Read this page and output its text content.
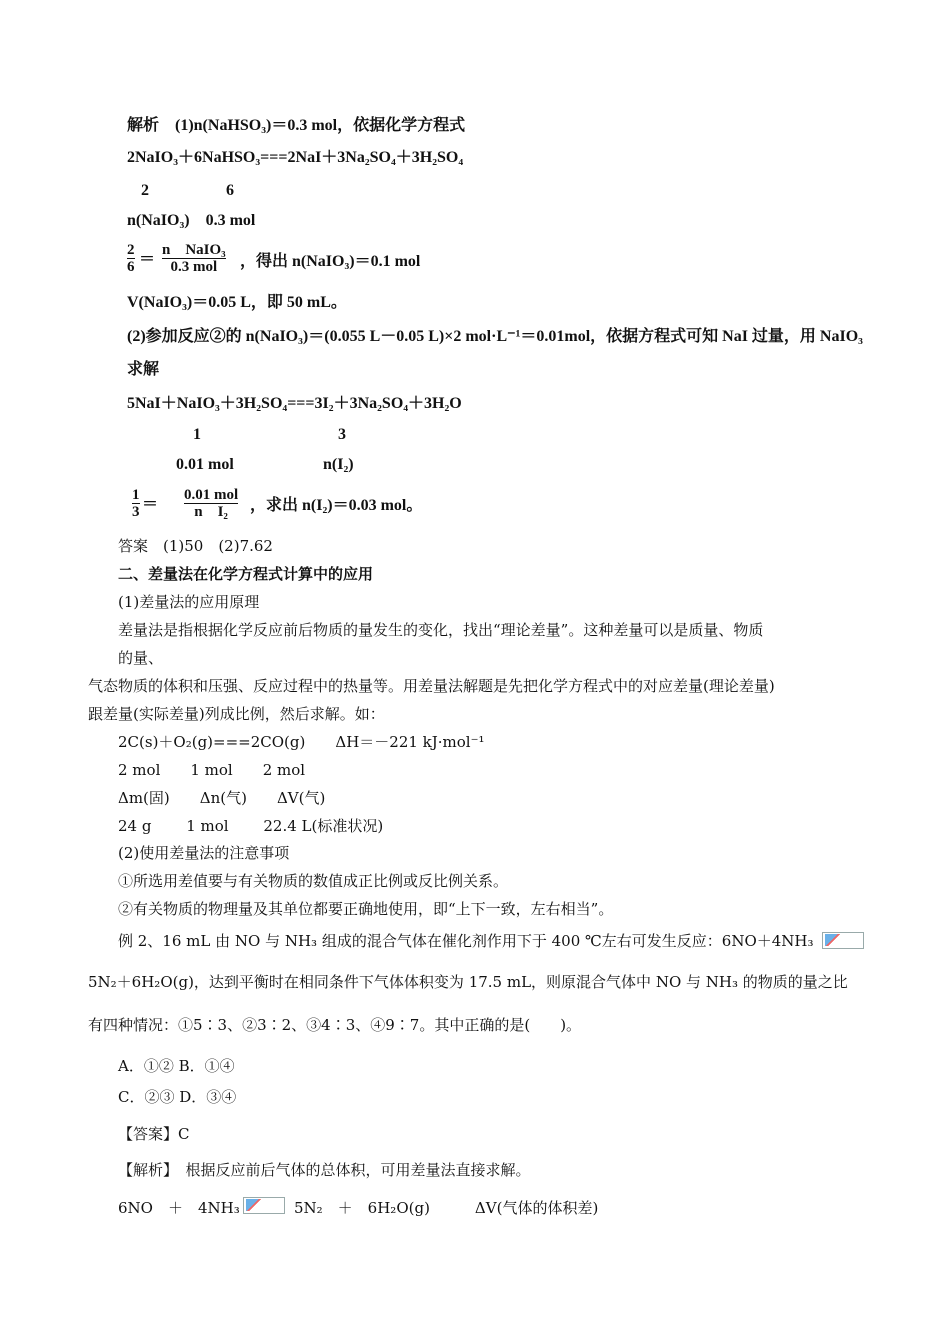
解析　(1)n(NaHSO₃)＝0.3 mol，依据化学方程式
2NaIO₃＋6NaHSO₃===2NaI＋3Na₂SO₄＋3H₂SO₄
2	6
n(NaIO₃)　0.3 mol
2
6 ＝
n　NaIO₃
0.3 mol ，得出 n(NaIO₃)＝0.1 mol
V(NaIO₃)＝0.05 L，即 50 mL。
(2)参加反应②的 n(NaIO₃)＝(0.055 L－0.05 L)×2 mol·L⁻¹＝0.01mol，依据方程式可知 NaI 过量，用 NaIO₃
求解
5NaI＋NaIO₃＋3H₂SO₄===3I₂＋3Na₂SO₄＋3H₂O
1	3
0.01 mol	n(I₂)
1
3 ＝
0.01 mol
n　I₂ ，求出 n(I₂)＝0.03 mol。
答案　(1)50　(2)7.62
二、差量法在化学方程式计算中的应用
(1)差量法的应用原理
差量法是指根据化学反应前后物质的量发生的变化，找出“理论差量”。这种差量可以是质量、物质
的量、
气态物质的体积和压强、反应过程中的热量等。用差量法解题是先把化学方程式中的对应差量(理论差量)
跟差量(实际差量)列成比例，然后求解。如：
2C(s)＋O₂(g)===2CO(g)　　ΔH＝－221 kJ·mol⁻¹
2 mol　　1 mol　　2 mol
Δm(固)　　Δn(气)　　ΔV(气)
24 g　　 1 mol　　 22.4 L(标准状况)
(2)使用差量法的注意事项
①所选用差值要与有关物质的数值成正比例或反比例关系。
②有关物质的物理量及其单位都要正确地使用，即“上下一致，左右相当”。
例 2、16 mL 由 NO 与 NH₃ 组成的混合气体在催化剂作用下于 400 ℃左右可发生反应：6NO＋4NH₃
5N₂＋6H₂O(g)，达到平衡时在相同条件下气体体积变为 17.5 mL，则原混合气体中 NO 与 NH₃ 的物质的量之比
有四种情况：①5∶3、②3∶2、③4∶3、④9∶7。其中正确的是(　　)。
A．①② B．①④
C．②③ D．③④
【答案】C
【解析】　根据反应前后气体的总体积，可用差量法直接求解。
6NO　＋　4NH₃	5N₂　＋　6H₂O(g)　　　ΔV(气体的体积差)
